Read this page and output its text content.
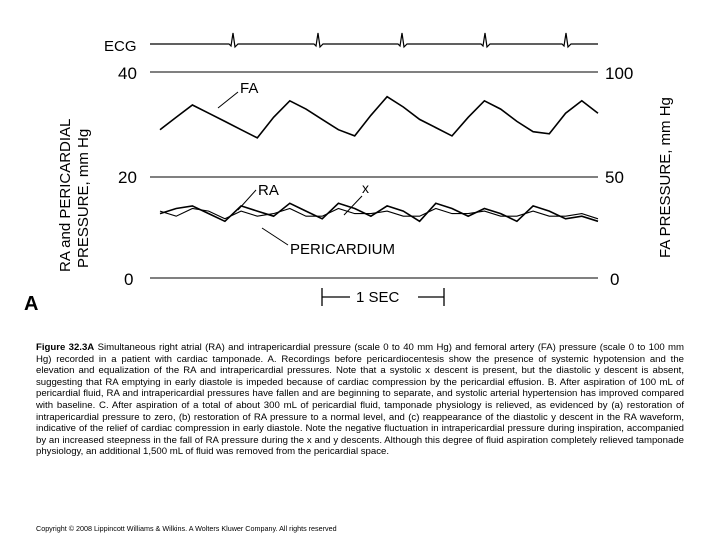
ECG
40
20
0
100
50
0
RA and PERICARDIAL PRESSURE, mm Hg	FA PRESSURE, mm Hg
FA
RA	x
PERICARDIUM
1 SEC
A
Figure 32.3A Simultaneous right atrial (RA) and intrapericardial pressure (scale 0 to 40 mm Hg) and femoral artery (FA) pressure (scale 0 to 100 mm Hg) recorded in a patient with cardiac tamponade. A. Recordings before pericardiocentesis show the presence of systemic hypotension and the elevation and equalization of the RA and intrapericardial pressures. Note that a systolic x descent is present, but the diastolic y descent is absent, suggesting that RA emptying in early diastole is impeded because of cardiac compression by the pericardial effusion. B. After aspiration of 100 mL of pericardial fluid, RA and intrapericardial pressures have fallen and are beginning to separate, and systolic arterial hypertension has improved compared with baseline. C. After aspiration of a total of about 300 mL of pericardial fluid, tamponade physiology is relieved, as evidenced by (a) restoration of intrapericardial pressure to zero, (b) restoration of RA pressure to a normal level, and (c) reappearance of the diastolic y descent in the RA waveform, indicative of the relief of cardiac compression in early diastole. Note the negative fluctuation in intrapericardial pressure during inspiration, accompanied by an increased steepness in the fall of RA pressure during the x and y descents. Although this degree of fluid aspiration completely relieved tamponade physiology, an additional 1,500 mL of fluid was removed from the pericardial space.
Copyright © 2008 Lippincott Williams & Wilkins. A Wolters Kluwer Company. All rights reserved
